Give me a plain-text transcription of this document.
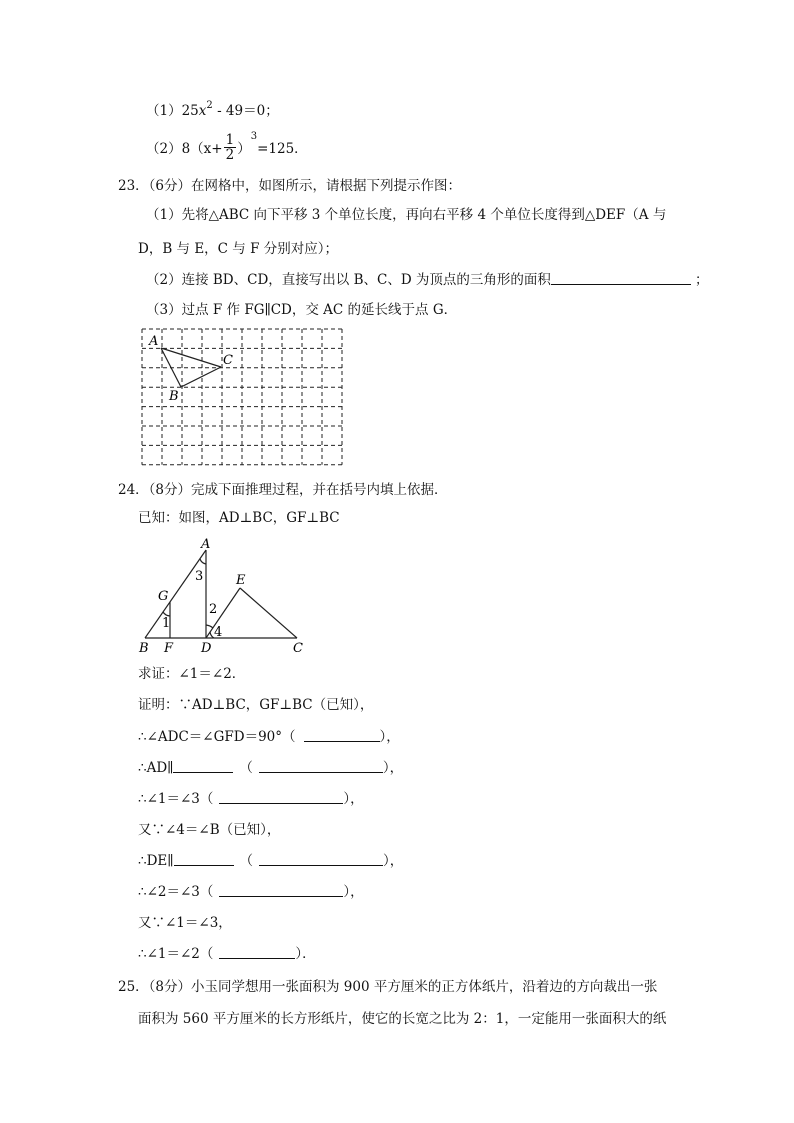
$(1)25x^2 - 49=0$；
$(2)8(x+ \frac{1}{2} )^3=125$．
23．（6分）在网格中，如图所示，请根据下列提示作图：
（1）先将△ABC 向下平移 3 个单位长度，再向右平移 4 个单位长度得到△DEF（A 与
D，B 与 E，C 与 F 分别对应）；
（2）连接 BD、CD，直接写出以 B、C、D 为顶点的三角形的面积	；
（3）过点 F 作 FG∥CD，交 AC 的延长线于点 G．
A
B
C
24．（8分）完成下面推理过程，并在括号内填上依据．
已知：如图，AD⊥BC，GF⊥BC
A
3	E
G
2
1
4
B F D	C
求证：∠1＝∠2．
证明：∵AD⊥BC，GF⊥BC（已知），
∴∠ADC＝∠GFD＝90°（	），
∴AD∥	（	），
∴∠1＝∠3（	），
又∵∠4＝∠B（已知），
∴DE∥	（	），
∴∠2＝∠3（	），
又∵∠1＝∠3，
∴∠1＝∠2（	）．
25．（8分）小玉同学想用一张面积为 900 平方厘米的正方体纸片，沿着边的方向裁出一张
面积为 560 平方厘米的长方形纸片，使它的长宽之比为 2：1，一定能用一张面积大的纸
